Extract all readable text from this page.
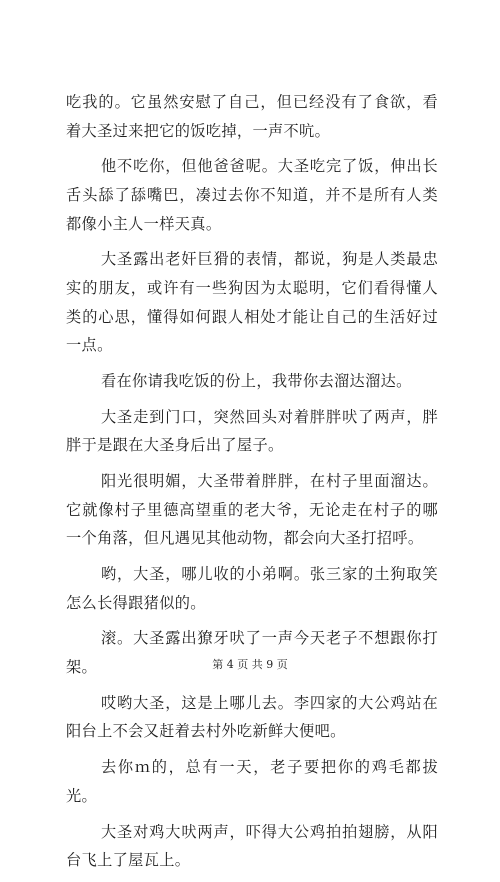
吃我的。它虽然安慰了自己，但已经没有了食欲，看着大圣过来把它的饭吃掉，一声不吭。

他不吃你，但他爸爸呢。大圣吃完了饭，伸出长舌头舔了舔嘴巴，凑过去你不知道，并不是所有人类都像小主人一样天真。

大圣露出老奸巨猾的表情，都说，狗是人类最忠实的朋友，或许有一些狗因为太聪明，它们看得懂人类的心思，懂得如何跟人相处才能让自己的生活好过一点。

看在你请我吃饭的份上，我带你去溜达溜达。

大圣走到门口，突然回头对着胖胖吠了两声，胖胖于是跟在大圣身后出了屋子。

阳光很明媚，大圣带着胖胖，在村子里面溜达。它就像村子里德高望重的老大爷，无论走在村子的哪一个角落，但凡遇见其他动物，都会向大圣打招呼。

哟，大圣，哪儿收的小弟啊。张三家的土狗取笑怎么长得跟猪似的。

滚。大圣露出獠牙吠了一声今天老子不想跟你打架。

哎哟大圣，这是上哪儿去。李四家的大公鸡站在阳台上不会又赶着去村外吃新鲜大便吧。

去你ｍ的，总有一天，老子要把你的鸡毛都拔光。

大圣对鸡大吠两声，吓得大公鸡拍拍翅膀，从阳台飞上了屋瓦上。

第 4 页 共 9 页
